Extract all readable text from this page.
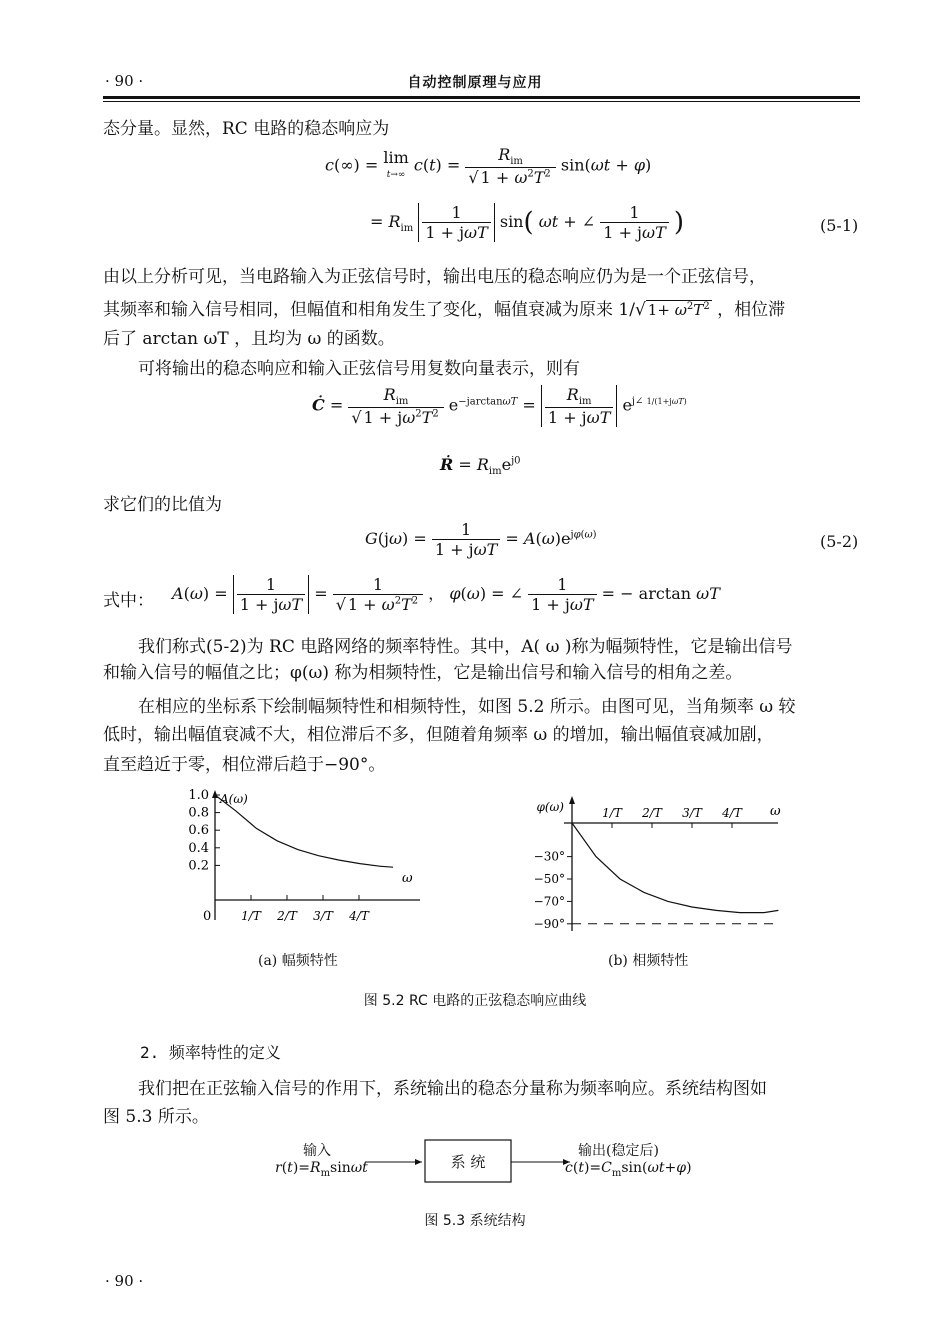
· 90 ·	自动控制原理与应用
态分量。显然，RC 电路的稳态响应为
c(∞) = lim
t→∞ $c(t) = \frac{R_{im}}{√ 1 + \omega^2T^2} \sin(\omega t + \varphi)$
= $R_{im} \frac{1}{\text{1 + jωT}} \sin$( ωt + ∠ $\frac{1}{\text{1 + jωT}}$ )	(5-1)
由以上分析可见，当电路输入为正弦信号时，输出电压的稳态响应仍为是一个正弦信号，
其频率和输入信号相同，但幅值和相角发生了变化，幅值衰减为原来 1/√ $1+ \omega^2T^2$ ，相位滞
后了 arctan ωT ，且均为 ω 的函数。
可将输出的稳态响应和输入正弦信号用复数向量表示，则有
Ċ = $\frac{R_{im}}{√ 1 + j\omega^2T^2} e^{-jarctan\omega T} = \frac{R_{im}}{\text{1 + jωT}} e^{j\angle 1/(1+j\omega T)}$
Ṙ = $R_{im}e^{j0}$
求它们的比值为
$G(j\omega) = \frac{1}{\text{1 + jωT}} = A(\omega)e^{j\varphi(\omega)}$	(5-2)
式中：	$A(\omega) = \frac{1}{\text{1 + jωT}} = \frac{1}{√ 1 + \omega^2T^2}$ ， φ(ω) = ∠ $\frac{1}{\text{1 + jωT}}$ = − arctan ωT
我们称式(5-2)为 RC 电路网络的频率特性。其中，A( ω )称为幅频特性，它是输出信号
和输入信号的幅值之比；φ(ω) 称为相频特性，它是输出信号和输入信号的相角之差。
在相应的坐标系下绘制幅频特性和相频特性，如图 5.2 所示。由图可见，当角频率 ω 较
低时，输出幅值衰减不大，相位滞后不多，但随着角频率 ω 的增加，输出幅值衰减加剧，
直至趋近于零，相位滞后趋于−90°。
A(ω)
1.0
0.8
0.6
0.4
0.2
1/T 2/T 3/T 4/T
0
ω
φ(ω)
−30°
−50°
−70°
−90°
1/T 2/T 3/T 4/T ω
(a) 幅频特性	(b) 相频特性
图 5.2 RC 电路的正弦稳态响应曲线
2. 频率特性的定义
我们把在正弦输入信号的作用下，系统输出的稳态分量称为频率响应。系统结构图如
图 5.3 所示。
输入
$r(t)=R_m\sin\omega t$	系 统
输出(稳定后)
$c(t)=C_m\sin(\omega t+\varphi)$
图 5.3 系统结构
· 90 ·
